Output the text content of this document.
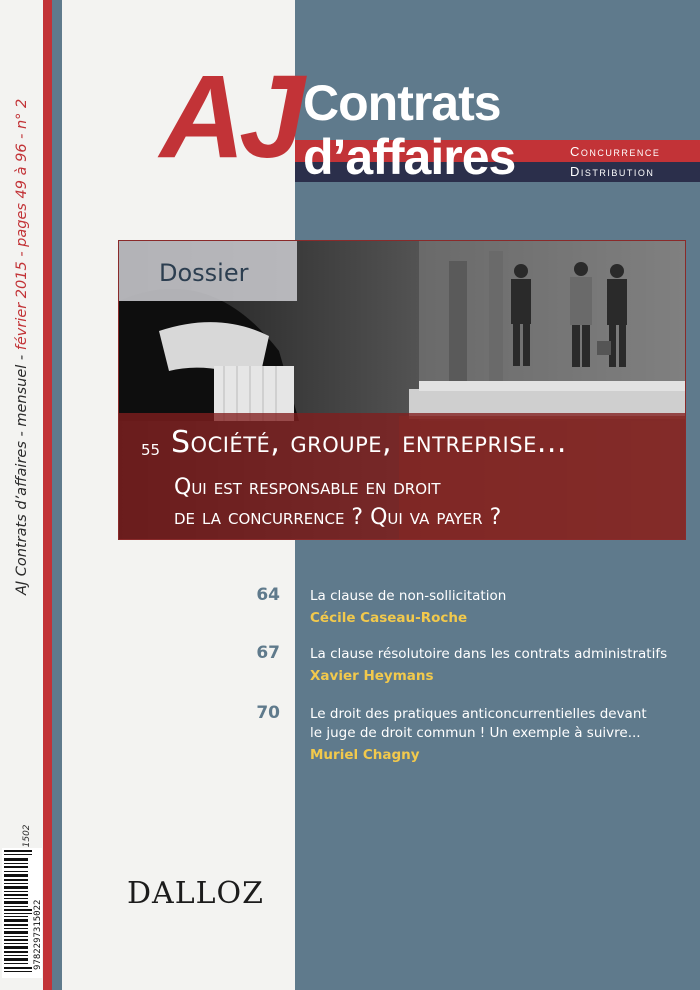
AJ Contrats d’affaires - mensuel - février 2015 - pages 49 à 96 - n° 2
9782297315022
AJ Contrats
d’affaires	Concurrence
Distribution
Dossier
55 Société, groupe, entreprise...
Qui est responsable en droit
de la concurrence ? Qui va payer ?
64 La clause de non-sollicitation
Cécile Caseau-Roche
67 La clause résolutoire dans les contrats administratifs
Xavier Heymans
70 Le droit des pratiques anticoncurrentielles devant
le juge de droit commun ! Un exemple à suivre...
Muriel Chagny
DALLOZ
